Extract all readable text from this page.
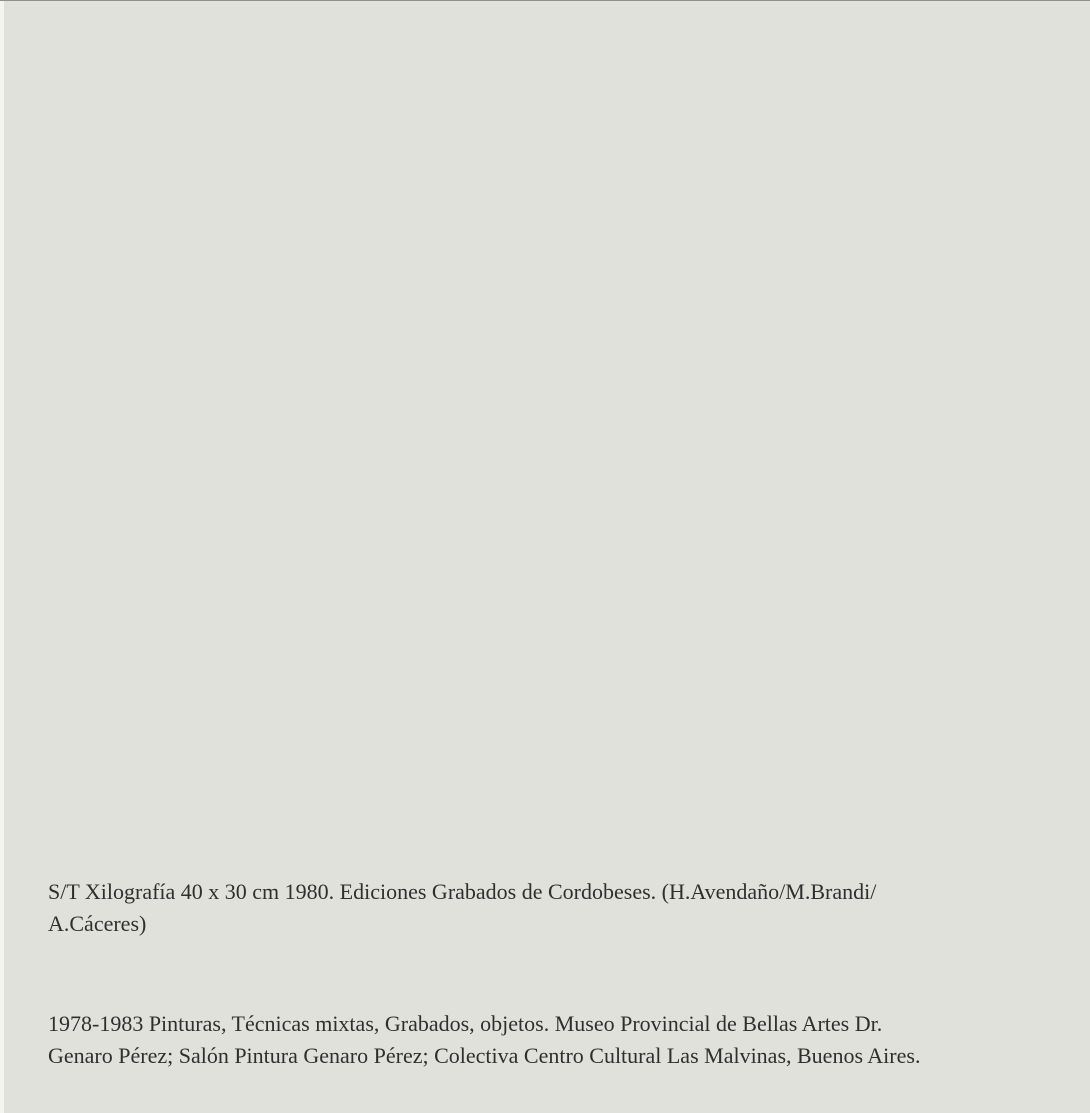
S/T Xilografía 40 x 30 cm 1980. Ediciones Grabados de Cordobeses. (H.Avendaño/M.Brandi/
A.Cáceres)
1978-1983 Pinturas, Técnicas mixtas, Grabados, objetos. Museo Provincial de Bellas Artes Dr.
Genaro Pérez; Salón Pintura Genaro Pérez; Colectiva Centro Cultural Las Malvinas, Buenos Aires.
